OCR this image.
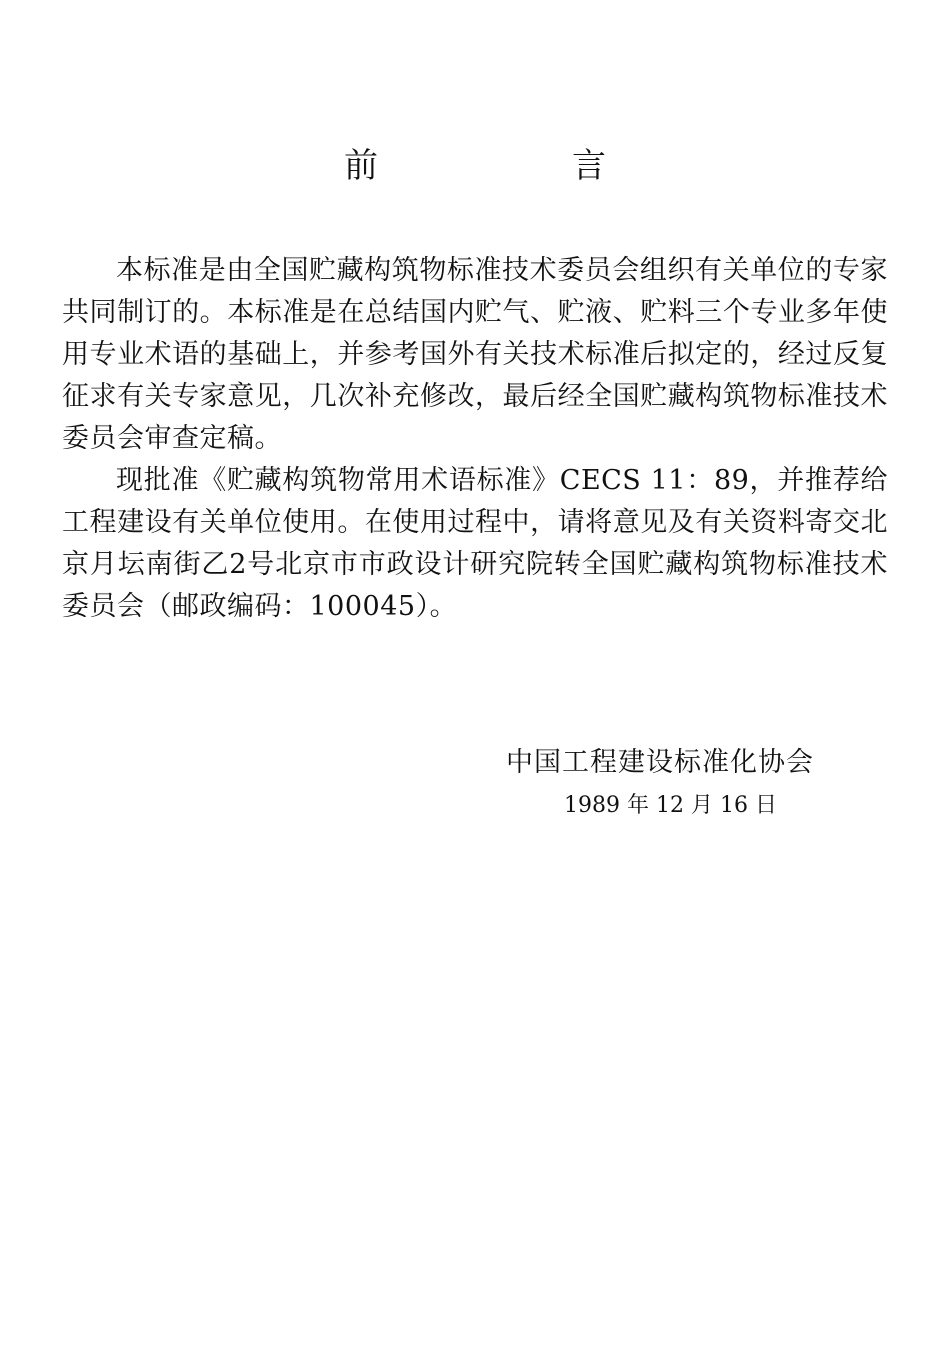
前　言

本标准是由全国贮藏构筑物标准技术委员会组织有关单位的专家共同制订的。本标准是在总结国内贮气、贮液、贮料三个专业多年使用专业术语的基础上，并参考国外有关技术标准后拟定的，经过反复征求有关专家意见，几次补充修改，最后经全国贮藏构筑物标准技术委员会审查定稿。

现批准《贮藏构筑物常用术语标准》CECS 11：89，并推荐给工程建设有关单位使用。在使用过程中，请将意见及有关资料寄交北京月坛南街乙2号北京市市政设计研究院转全国贮藏构筑物标准技术委员会（邮政编码：100045）。

中国工程建设标准化协会
1989 年 12 月 16 日
